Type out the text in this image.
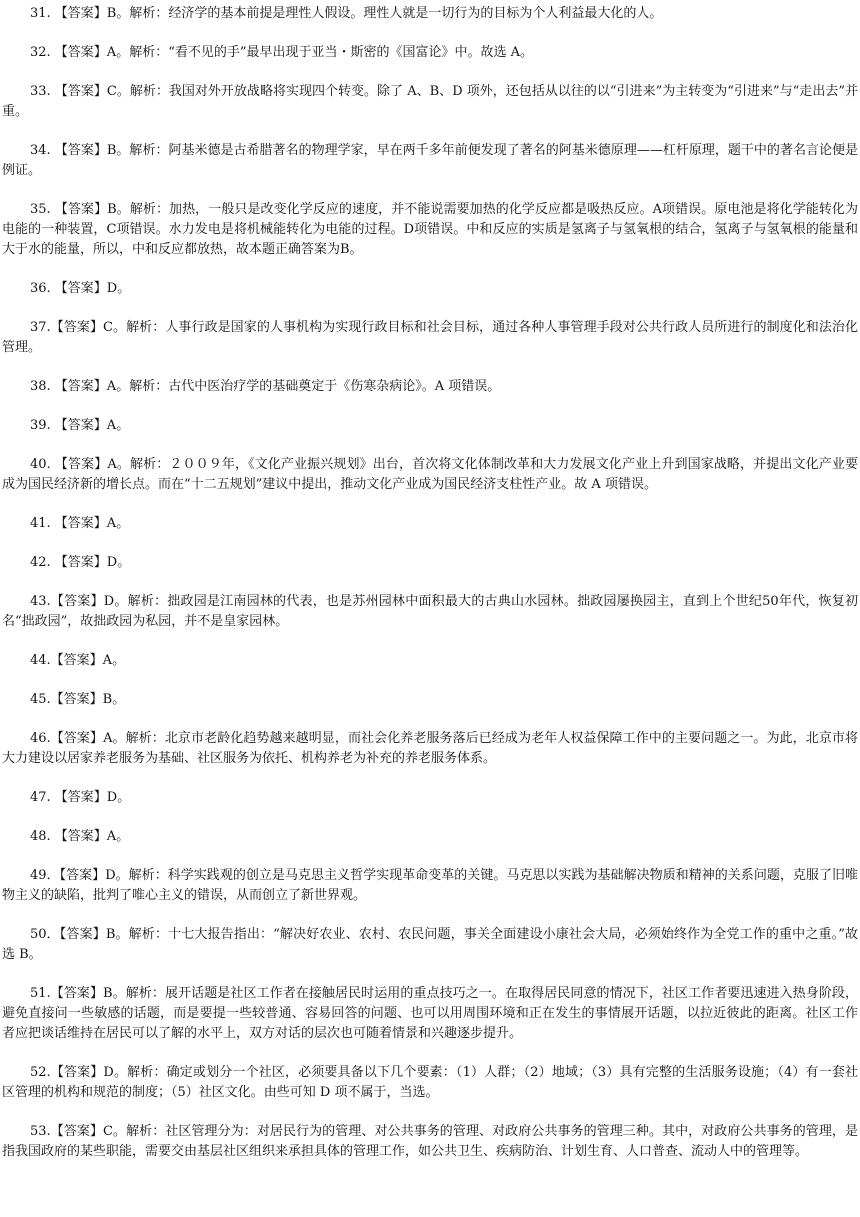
31. 【答案】B。解析：经济学的基本前提是理性人假设。理性人就是一切行为的目标为个人利益最大化的人。

32. 【答案】A。解析：“看不见的手”最早出现于亚当・斯密的《国富论》中。故选 A。

33. 【答案】C。解析：我国对外开放战略将实现四个转变。除了 A、B、D 项外，还包括从以往的以“引进来”为主转变为“引进来”与“走出去”并重。

34. 【答案】B。解析：阿基米德是古希腊著名的物理学家，早在两千多年前便发现了著名的阿基米德原理——杠杆原理，题干中的著名言论便是例证。

35. 【答案】B。解析：加热，一般只是改变化学反应的速度，并不能说需要加热的化学反应都是吸热反应。A项错误。原电池是将化学能转化为电能的一种装置，C项错误。水力发电是将机械能转化为电能的过程。D项错误。中和反应的实质是氢离子与氢氧根的结合，氢离子与氢氧根的能量和大于水的能量，所以，中和反应都放热，故本题正确答案为B。

36. 【答案】D。

37.【答案】C。解析：人事行政是国家的人事机构为实现行政目标和社会目标，通过各种人事管理手段对公共行政人员所进行的制度化和法治化管理。

38. 【答案】A。解析：古代中医治疗学的基础奠定于《伤寒杂病论》。A 项错误。

39. 【答案】A。

40. 【答案】A。解析：２００９年，《文化产业振兴规划》出台，首次将文化体制改革和大力发展文化产业上升到国家战略，并提出文化产业要成为国民经济新的增长点。而在“十二五规划”建议中提出，推动文化产业成为国民经济支柱性产业。故 A 项错误。

41. 【答案】A。

42. 【答案】D。

43.【答案】D。解析：拙政园是江南园林的代表，也是苏州园林中面积最大的古典山水园林。拙政园屡换园主，直到上个世纪50年代，恢复初名“拙政园”，故拙政园为私园，并不是皇家园林。

44.【答案】A。

45.【答案】B。

46.【答案】A。解析：北京市老龄化趋势越来越明显，而社会化养老服务落后已经成为老年人权益保障工作中的主要问题之一。为此，北京市将大力建设以居家养老服务为基础、社区服务为依托、机构养老为补充的养老服务体系。

47. 【答案】D。

48. 【答案】A。

49．【答案】D。解析：科学实践观的创立是马克思主义哲学实现革命变革的关键。马克思以实践为基础解决物质和精神的关系问题，克服了旧唯物主义的缺陷，批判了唯心主义的错误，从而创立了新世界观。

50．【答案】B。解析：十七大报告指出：“解决好农业、农村、农民问题，事关全面建设小康社会大局，必须始终作为全党工作的重中之重。”故选 B。

51.【答案】B。解析：展开话题是社区工作者在接触居民时运用的重点技巧之一。在取得居民同意的情况下，社区工作者要迅速进入热身阶段，避免直接问一些敏感的话题，而是要提一些较普通、容易回答的问题、也可以用周围环境和正在发生的事情展开话题，以拉近彼此的距离。社区工作者应把谈话维持在居民可以了解的水平上，双方对话的层次也可随着情景和兴趣逐步提升。

52.【答案】D。解析：确定或划分一个社区，必须要具备以下几个要素：（1）人群；（2）地域；（3）具有完整的生活服务设施；（4）有一套社区管理的机构和规范的制度；（5）社区文化。由些可知 D 项不属于，当选。

53.【答案】C。解析：社区管理分为：对居民行为的管理、对公共事务的管理、对政府公共事务的管理三种。其中，对政府公共事务的管理，是指我国政府的某些职能，需要交由基层社区组织来承担具体的管理工作，如公共卫生、疾病防治、计划生育、人口普查、流动人中的管理等。
